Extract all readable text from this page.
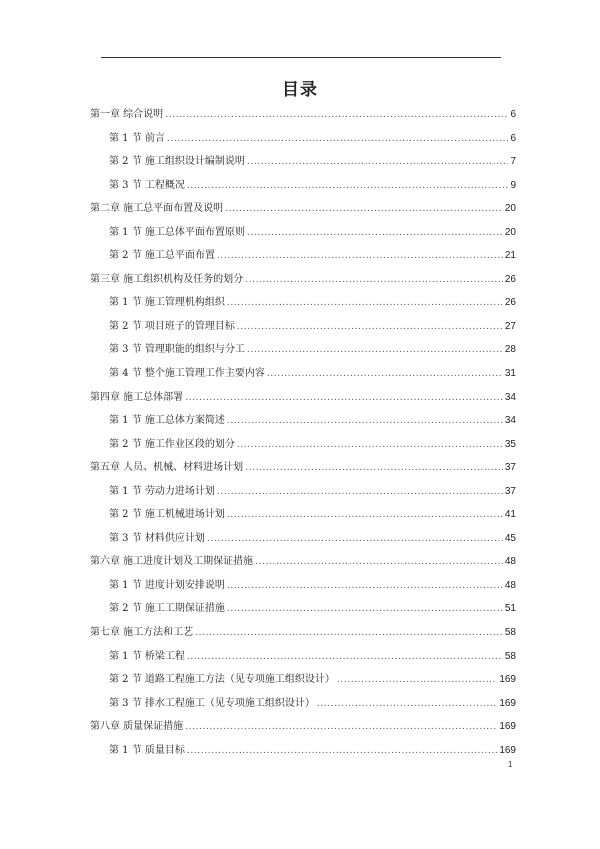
目录
第一章 综合说明 .....	6
第 1 节 前言 .....	6
第 2 节 施工组织设计编制说明 .....	7
第 3 节 工程概况 .....	9
第二章 施工总平面布置及说明 .....	20
第 1 节 施工总体平面布置原则 .....	20
第 2 节 施工总平面布置 .....	21
第三章 施工组织机构及任务的划分 .....	26
第 1 节 施工管理机构组织 .....	26
第 2 节 项目班子的管理目标 .....	27
第 3 节 管理职能的组织与分工 .....	28
第 4 节 整个施工管理工作主要内容 .....	31
第四章 施工总体部署 .....	34
第 1 节 施工总体方案简述 .....	34
第 2 节 施工作业区段的划分 .....	35
第五章 人员、机械、材料进场计划 .....	37
第 1 节 劳动力进场计划 .....	37
第 2 节 施工机械进场计划 .....	41
第 3 节 材料供应计划 .....	45
第六章 施工进度计划及工期保证措施 .....	48
第 1 节 进度计划安排说明 .....	48
第 2 节 施工工期保证措施 .....	51
第七章 施工方法和工艺 .....	58
第 1 节 桥梁工程 .....	58
第 2 节 道路工程施工方法（见专项施工组织设计） .....	169
第 3 节 排水工程施工（见专项施工组织设计） .....	169
第八章 质量保证措施 .....	169
第 1 节 质量目标 .....	169
1
